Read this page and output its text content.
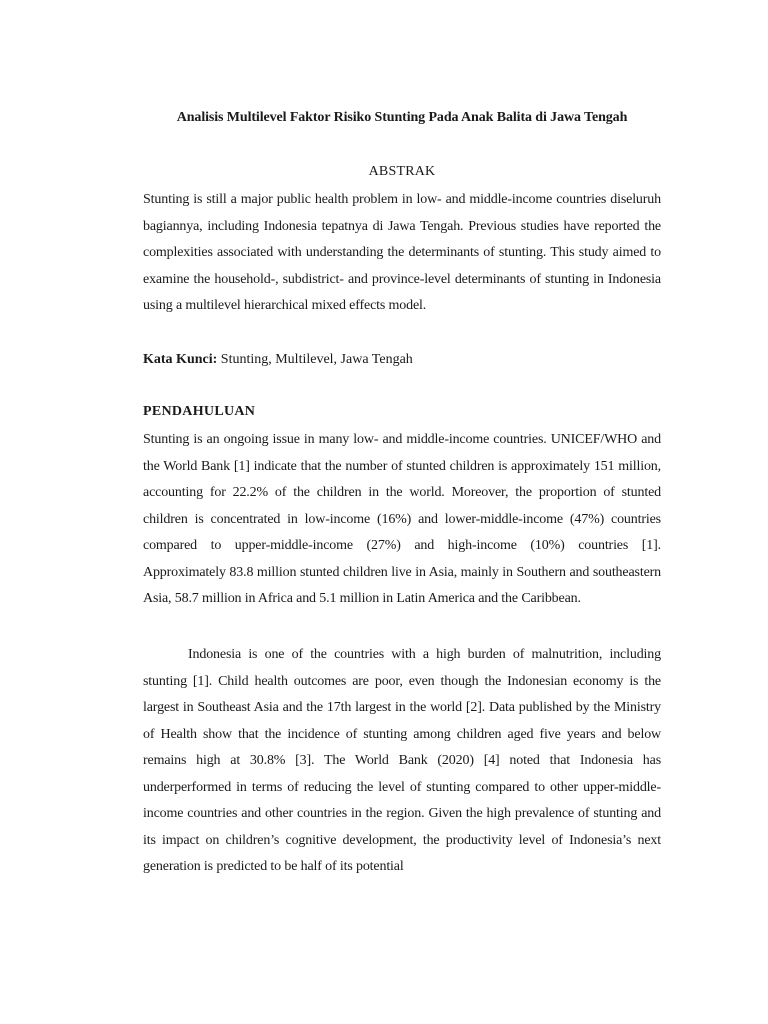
Analisis Multilevel Faktor Risiko Stunting Pada Anak Balita di Jawa Tengah
ABSTRAK

Stunting is still a major public health problem in low- and middle-income countries diseluruh bagiannya, including Indonesia tepatnya di Jawa Tengah. Previous studies have reported the complexities associated with understanding the determinants of stunting. This study aimed to examine the household-, subdistrict- and province-level determinants of stunting in Indonesia using a multilevel hierarchical mixed effects model.

Kata Kunci: Stunting, Multilevel, Jawa Tengah
PENDAHULUAN

Stunting is an ongoing issue in many low- and middle-income countries. UNICEF/WHO and the World Bank [1] indicate that the number of stunted children is approximately 151 million, accounting for 22.2% of the children in the world. Moreover, the proportion of stunted children is concentrated in low-income (16%) and lower-middle-income (47%) countries compared to upper-middle-income (27%) and high-income (10%) countries [1]. Approximately 83.8 million stunted children live in Asia, mainly in Southern and southeastern Asia, 58.7 million in Africa and 5.1 million in Latin America and the Caribbean.

Indonesia is one of the countries with a high burden of malnutrition, including stunting [1]. Child health outcomes are poor, even though the Indonesian economy is the largest in Southeast Asia and the 17th largest in the world [2]. Data published by the Ministry of Health show that the incidence of stunting among children aged five years and below remains high at 30.8% [3]. The World Bank (2020) [4] noted that Indonesia has underperformed in terms of reducing the level of stunting compared to other upper-middle-income countries and other countries in the region. Given the high prevalence of stunting and its impact on children’s cognitive development, the productivity level of Indonesia’s next generation is predicted to be half of its potential
